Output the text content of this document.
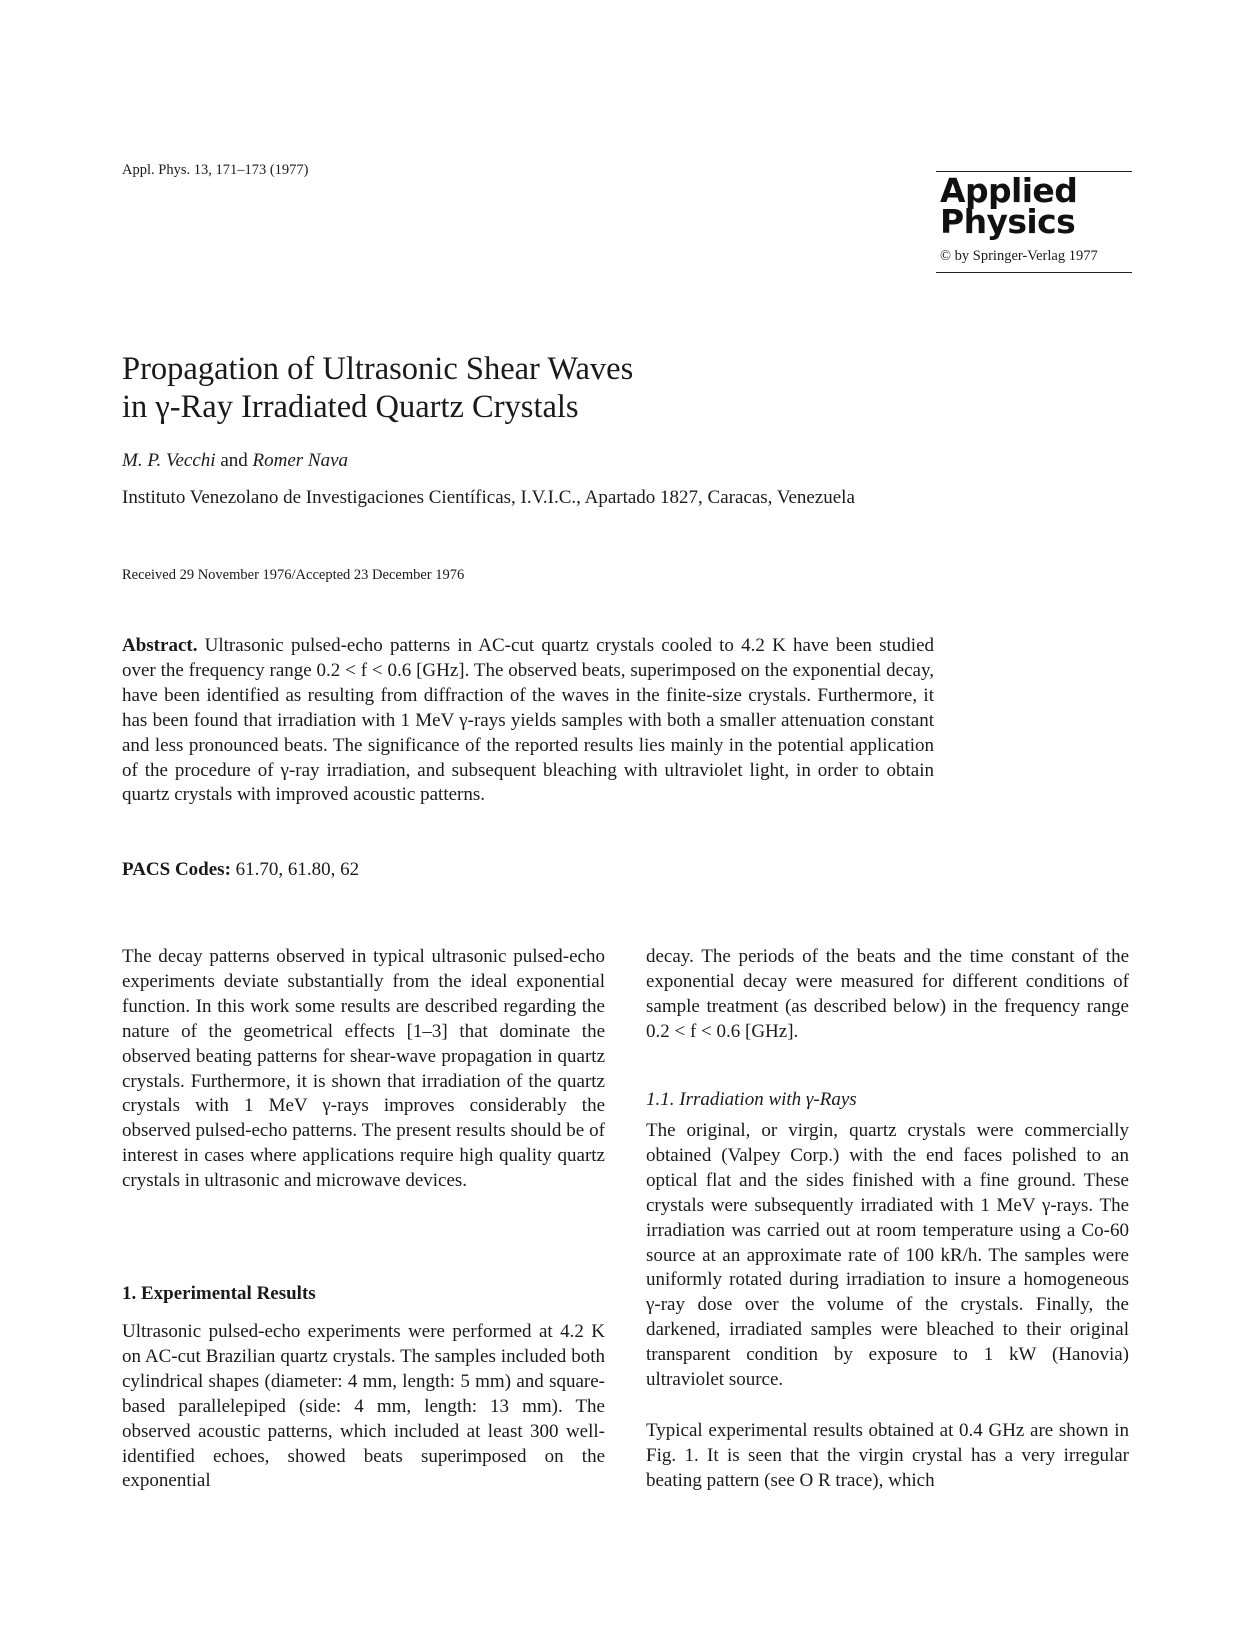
Appl. Phys. 13, 171–173 (1977)
Applied
Physics
© by Springer-Verlag 1977
Propagation of Ultrasonic Shear Waves
in γ-Ray Irradiated Quartz Crystals
M. P. Vecchi and Romer Nava
Instituto Venezolano de Investigaciones Científicas, I.V.I.C., Apartado 1827, Caracas, Venezuela
Received 29 November 1976/Accepted 23 December 1976
Abstract. Ultrasonic pulsed-echo patterns in AC-cut quartz crystals cooled to 4.2 K have been studied over the frequency range 0.2 < f < 0.6 [GHz]. The observed beats, superimposed on the exponential decay, have been identified as resulting from diffraction of the waves in the finite-size crystals. Furthermore, it has been found that irradiation with 1 MeV γ-rays yields samples with both a smaller attenuation constant and less pronounced beats. The significance of the reported results lies mainly in the potential application of the procedure of γ-ray irradiation, and subsequent bleaching with ultraviolet light, in order to obtain quartz crystals with improved acoustic patterns.
PACS Codes: 61.70, 61.80, 62

The decay patterns observed in typical ultrasonic pulsed-echo experiments deviate substantially from the ideal exponential function. In this work some results are described regarding the nature of the geometrical effects [1–3] that dominate the observed beating patterns for shear-wave propagation in quartz crystals. Furthermore, it is shown that irradiation of the quartz crystals with 1 MeV γ-rays improves considerably the observed pulsed-echo patterns. The present results should be of interest in cases where applications require high quality quartz crystals in ultrasonic and microwave devices.

1. Experimental Results

Ultrasonic pulsed-echo experiments were performed at 4.2 K on AC-cut Brazilian quartz crystals. The samples included both cylindrical shapes (diameter: 4 mm, length: 5 mm) and square-based parallelepiped (side: 4 mm, length: 13 mm). The observed acoustic patterns, which included at least 300 well-identified echoes, showed beats superimposed on the exponential

decay. The periods of the beats and the time constant of the exponential decay were measured for different conditions of sample treatment (as described below) in the frequency range 0.2 < f < 0.6 [GHz].

1.1. Irradiation with γ-Rays

The original, or virgin, quartz crystals were commercially obtained (Valpey Corp.) with the end faces polished to an optical flat and the sides finished with a fine ground. These crystals were subsequently irradiated with 1 MeV γ-rays. The irradiation was carried out at room temperature using a Co-60 source at an approximate rate of 100 kR/h. The samples were uniformly rotated during irradiation to insure a homogeneous γ-ray dose over the volume of the crystals. Finally, the darkened, irradiated samples were bleached to their original transparent condition by exposure to 1 kW (Hanovia) ultraviolet source.

Typical experimental results obtained at 0.4 GHz are shown in Fig. 1. It is seen that the virgin crystal has a very irregular beating pattern (see O R trace), which
